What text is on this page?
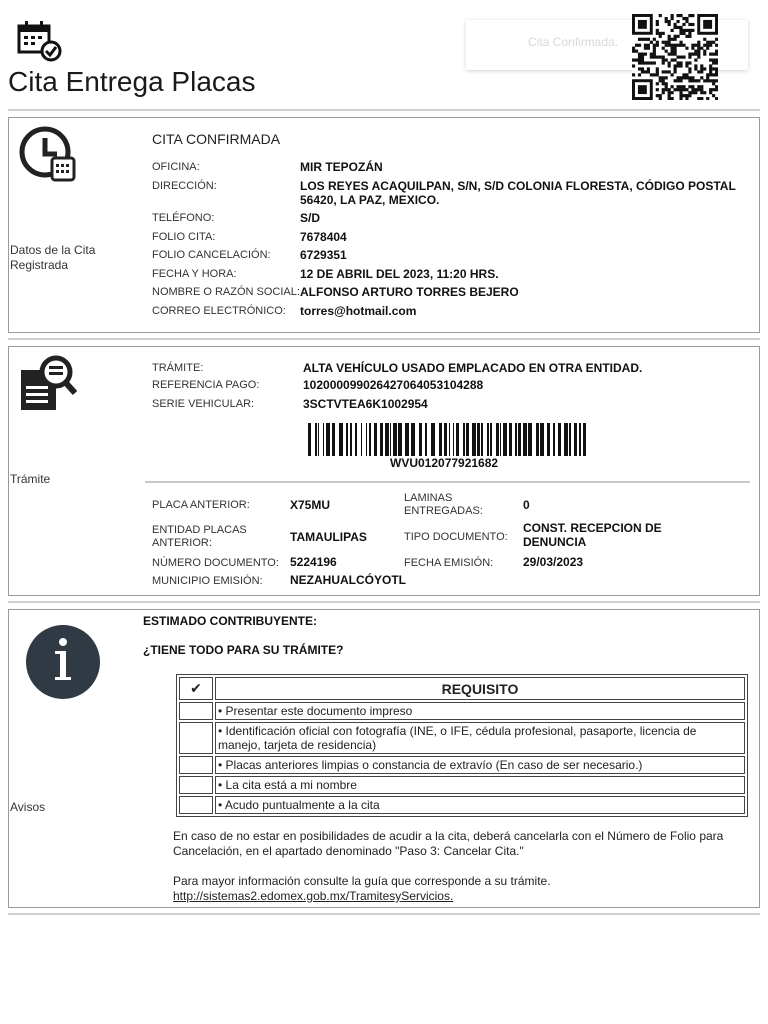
Cita Entrega Placas
Cita Confirmada.
Datos de la Cita Registrada
CITA CONFIRMADA
OFICINA:	MIR TEPOZÁN
DIRECCIÓN:	LOS REYES ACAQUILPAN, S/N, S/D COLONIA FLORESTA, CÓDIGO POSTAL 56420, LA PAZ, MEXICO.
TELÉFONO:	S/D
FOLIO CITA:	7678404
FOLIO CANCELACIÓN: 6729351
FECHA Y HORA:	12 DE ABRIL DEL 2023, 11:20 HRS.
NOMBRE O RAZÓN SOCIAL: ALFONSO ARTURO TORRES BEJERO
CORREO ELECTRÓNICO: torres@hotmail.com
Trámite
TRÁMITE:	ALTA VEHÍCULO USADO EMPLACADO EN OTRA ENTIDAD.
REFERENCIA PAGO:	10200009902642706405310428​8
SERIE VEHICULAR:	3SCTVTEA6K1002954
WVU012077921682
PLACA ANTERIOR:	X75MU
ENTIDAD PLACAS ANTERIOR:	TAMAULIPAS
NÚMERO DOCUMENTO: 5224196
MUNICIPIO EMISIÓN: NEZAHUALCÓYOTL
LAMINAS ENTREGADAS:	0
TIPO DOCUMENTO:
CONST. RECEPCION DE DENUNCIA
FECHA EMISIÓN: 29/03/2023
Avisos
ESTIMADO CONTRIBUYENTE:
¿TIENE TODO PARA SU TRÁMITE?
✔	REQUISITO
	• Presentar este documento impreso
	• Identificación oficial con fotografía (INE, o IFE, cédula profesional, pasaporte, licencia de manejo, tarjeta de residencia)
	• Placas anteriores limpias o constancia de extravío (En caso de ser necesario.)
	• La cita está a mi nombre
	• Acudo puntualmente a la cita
En caso de no estar en posibilidades de acudir a la cita, deberá cancelarla con el Número de Folio para Cancelación, en el apartado denominado "Paso 3: Cancelar Cita."
Para mayor información consulte la guía que corresponde a su trámite.
http://sistemas2.edomex.gob.mx/TramitesyServicios.
